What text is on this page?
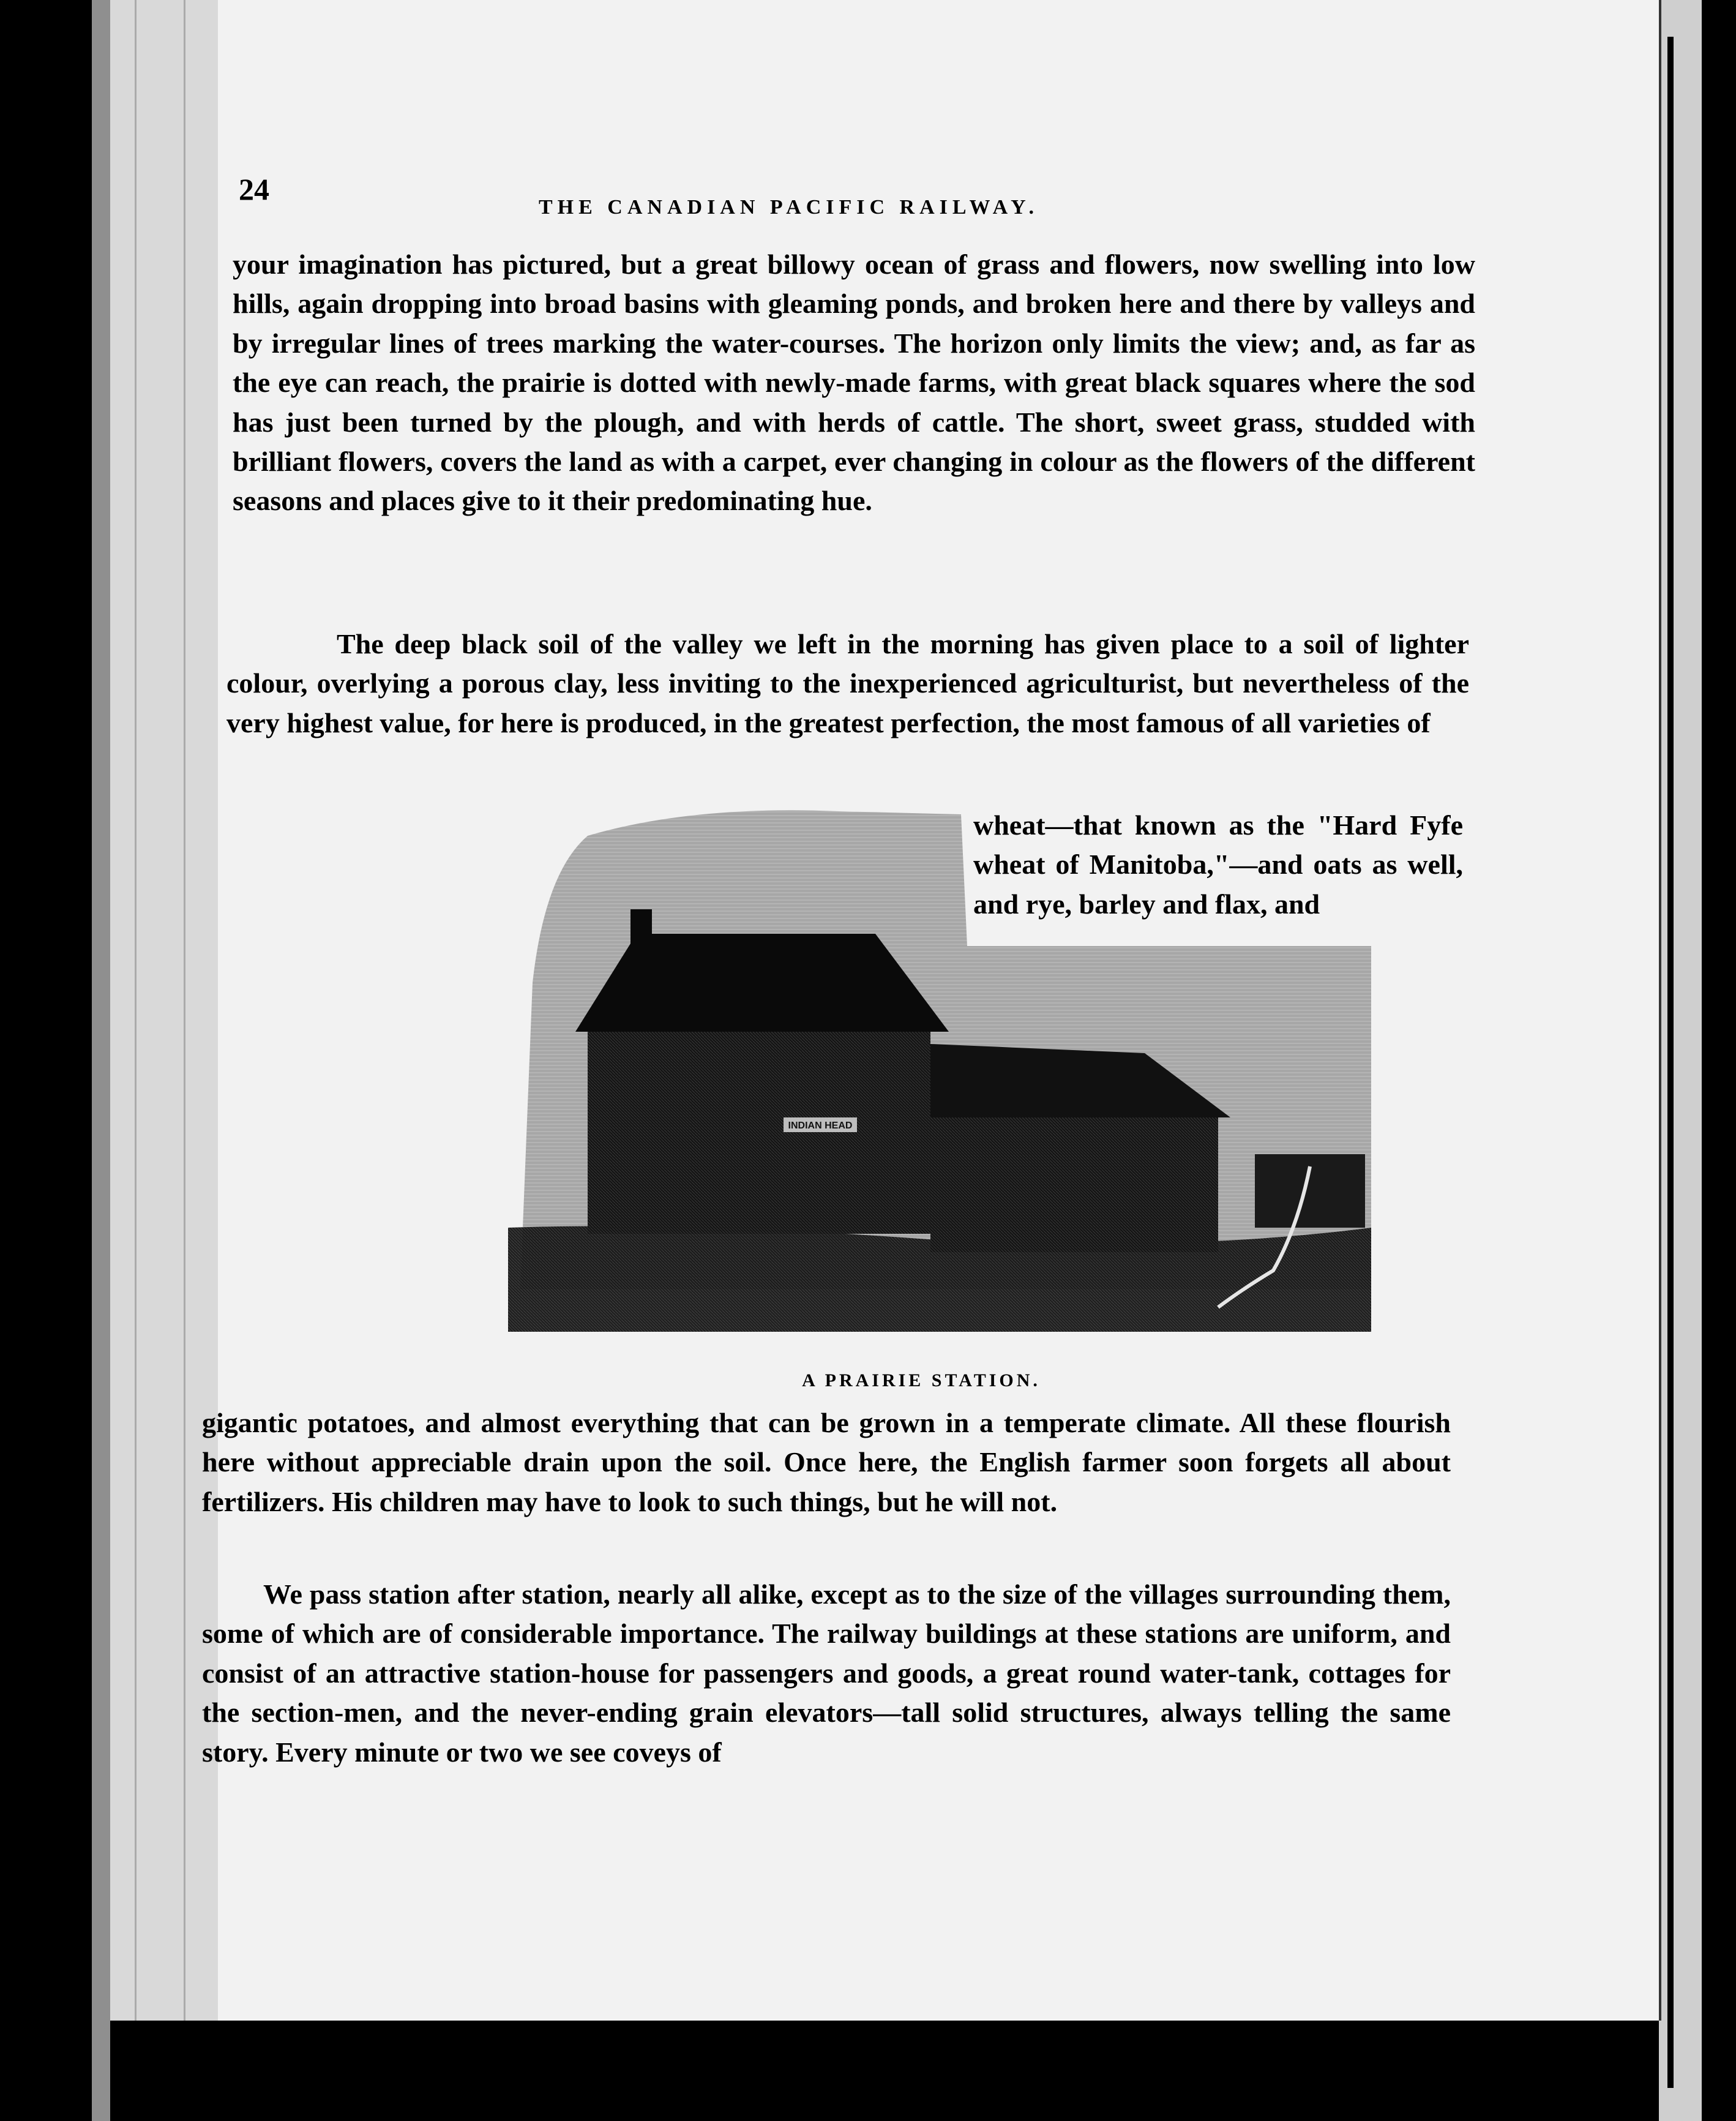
24

THE CANADIAN PACIFIC RAILWAY.

your imagination has pictured, but a great billowy ocean of grass and flowers, now swelling into low hills, again dropping into broad basins with gleaming ponds, and broken here and there by valleys and by irregular lines of trees marking the water-courses. The horizon only limits the view; and, as far as the eye can reach, the prairie is dotted with newly-made farms, with great black squares where the sod has just been turned by the plough, and with herds of cattle. The short, sweet grass, studded with brilliant flowers, covers the land as with a carpet, ever changing in colour as the flowers of the different seasons and places give to it their predominating hue.

The deep black soil of the valley we left in the morning has given place to a soil of lighter colour, overlying a porous clay, less inviting to the inexperienced agriculturist, but nevertheless of the very highest value, for here is produced, in the greatest perfection, the most famous of all varieties of

wheat—that known as the "Hard Fyfe wheat of Manitoba,"—and oats as well, and rye, barley and flax, and

INDIAN HEAD

A PRAIRIE STATION.

gigantic potatoes, and almost everything that can be grown in a temperate climate. All these flourish here without appreciable drain upon the soil. Once here, the English farmer soon forgets all about fertilizers. His children may have to look to such things, but he will not.

We pass station after station, nearly all alike, except as to the size of the villages surrounding them, some of which are of considerable importance. The railway buildings at these stations are uniform, and consist of an attractive station-house for passengers and goods, a great round water-tank, cottages for the section-men, and the never-ending grain elevators—tall solid structures, always telling the same story. Every minute or two we see coveys of
